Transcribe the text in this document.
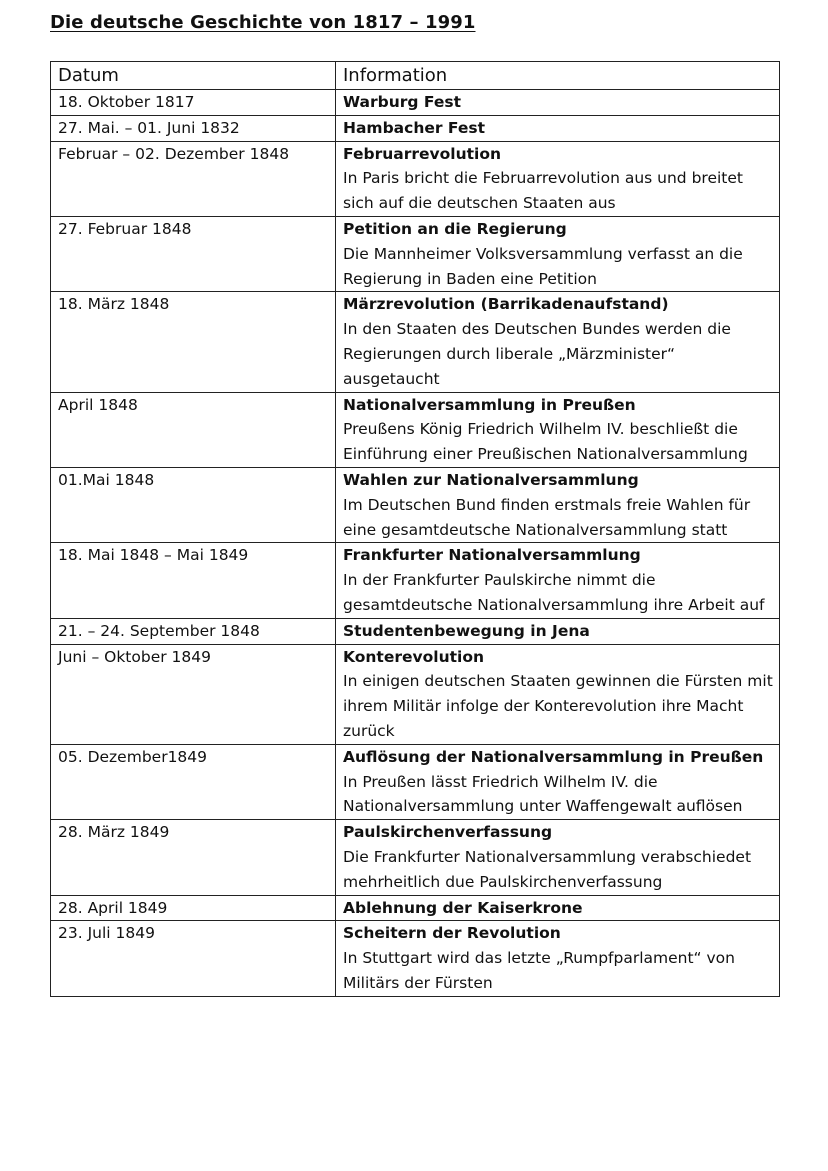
Die deutsche Geschichte von 1817 – 1991
Datum	Information
18. Oktober 1817	Warburg Fest

27. Mai. – 01. Juni 1832	Hambacher Fest

Februar – 02. Dezember 1848	Februarrevolution
In Paris bricht die Februarrevolution aus und breitet sich auf die deutschen Staaten aus

27. Februar 1848	Petition an die Regierung
Die Mannheimer Volksversammlung verfasst an die Regierung in Baden eine Petition

18. März 1848	Märzrevolution (Barrikadenaufstand)
In den Staaten des Deutschen Bundes werden die Regierungen durch liberale „Märzminister“ ausgetaucht

April 1848	Nationalversammlung in Preußen
Preußens König Friedrich Wilhelm IV. beschließt die Einführung einer Preußischen Nationalversammlung

01.Mai 1848	Wahlen zur Nationalversammlung
Im Deutschen Bund finden erstmals freie Wahlen für eine gesamtdeutsche Nationalversammlung statt

18. Mai 1848 – Mai 1849	Frankfurter Nationalversammlung
In der Frankfurter Paulskirche nimmt die gesamtdeutsche Nationalversammlung ihre Arbeit auf

21. – 24. September 1848	Studentenbewegung in Jena

Juni – Oktober 1849	Konterevolution
In einigen deutschen Staaten gewinnen die Fürsten mit ihrem Militär infolge der Konterevolution ihre Macht zurück

05. Dezember1849	Auflösung der Nationalversammlung in Preußen
In Preußen lässt Friedrich Wilhelm IV. die Nationalversammlung unter Waffengewalt auflösen

28. März 1849	Paulskirchenverfassung
Die Frankfurter Nationalversammlung verabschiedet mehrheitlich due Paulskirchenverfassung

28. April 1849	Ablehnung der Kaiserkrone

23. Juli 1849	Scheitern der Revolution
In Stuttgart wird das letzte „Rumpfparlament“ von Militärs der Fürsten
